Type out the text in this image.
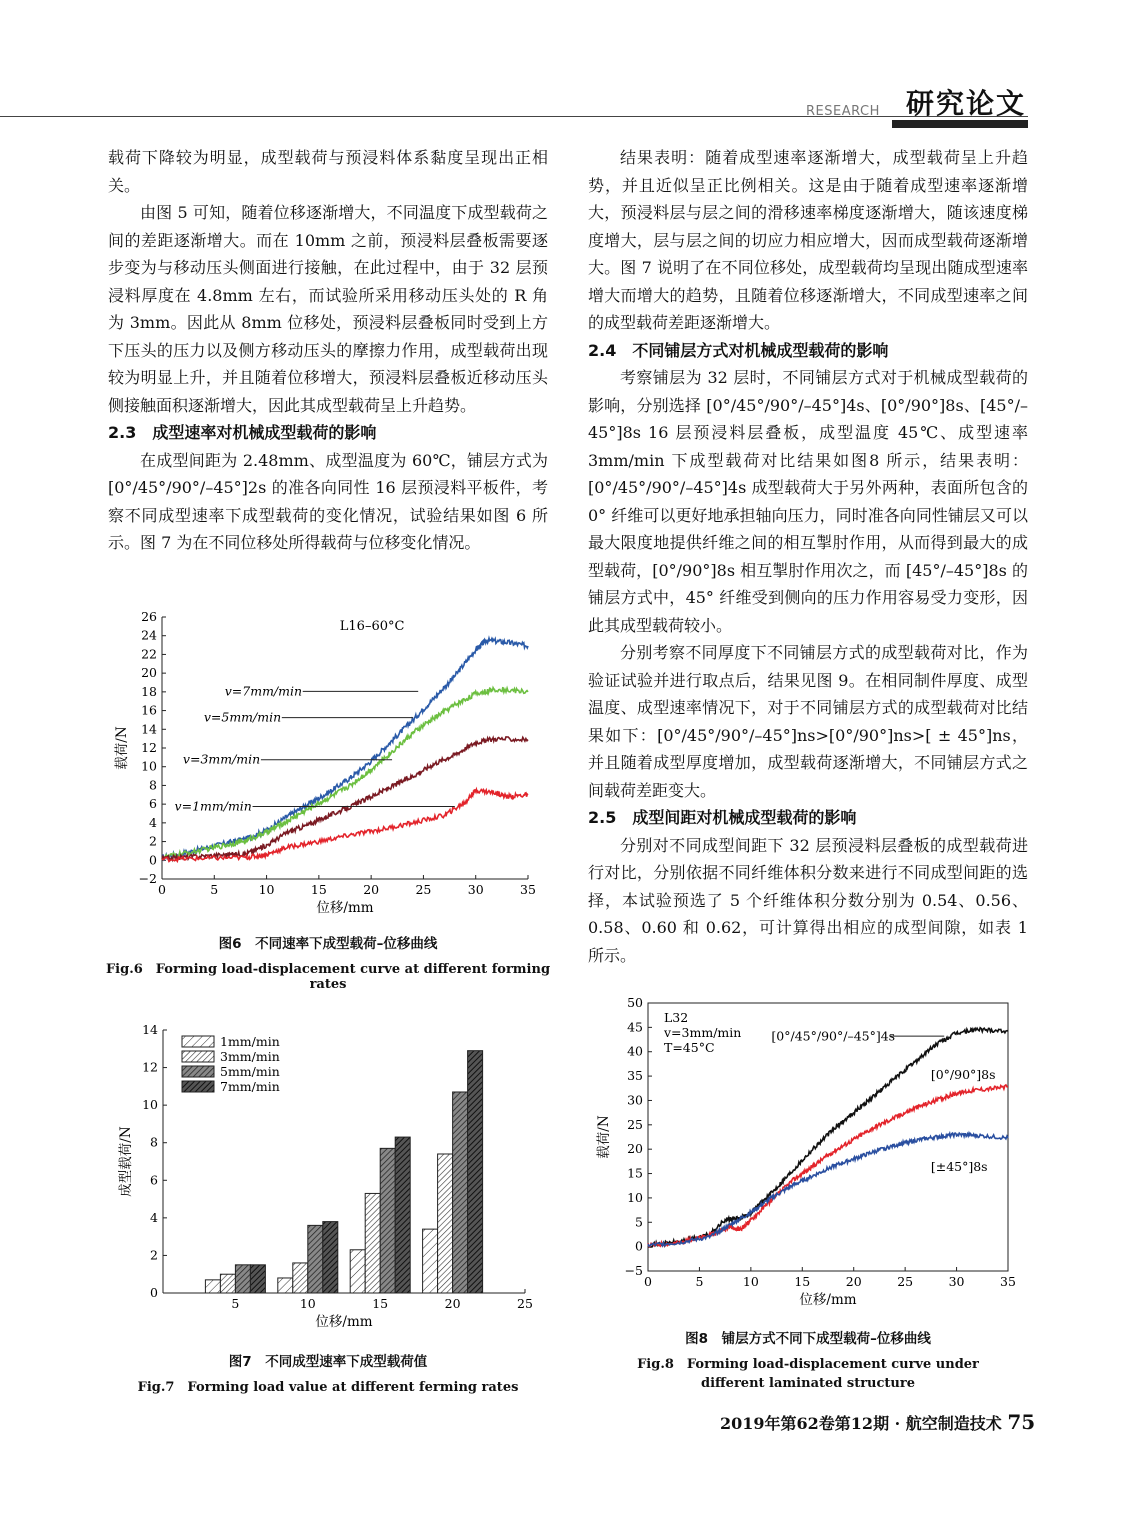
RESEARCH 研究论文

载荷下降较为明显，成型载荷与预浸料体系黏度呈现出正相关。

由图 5 可知，随着位移逐渐增大，不同温度下成型载荷之间的差距逐渐增大。而在 10mm 之前，预浸料层叠板需要逐步变为与移动压头侧面进行接触，在此过程中，由于 32 层预浸料厚度在 4.8mm 左右，而试验所采用移动压头处的 R 角为 3mm。因此从 8mm 位移处，预浸料层叠板同时受到上方下压头的压力以及侧方移动压头的摩擦力作用，成型载荷出现较为明显上升，并且随着位移增大，预浸料层叠板近移动压头侧接触面积逐渐增大，因此其成型载荷呈上升趋势。

2.3　成型速率对机械成型载荷的影响

在成型间距为 2.48mm、成型温度为 60℃，铺层方式为 [0°/45°/90°/–45°]2s 的准各向同性 16 层预浸料平板件，考察不同成型速率下成型载荷的变化情况，试验结果如图 6 所示。图 7 为在不同位移处所得载荷与位移变化情况。

结果表明：随着成型速率逐渐增大，成型载荷呈上升趋势，并且近似呈正比例相关。这是由于随着成型速率逐渐增大，预浸料层与层之间的滑移速率梯度逐渐增大，随该速度梯度增大，层与层之间的切应力相应增大，因而成型载荷逐渐增大。图 7 说明了在不同位移处，成型载荷均呈现出随成型速率增大而增大的趋势，且随着位移逐渐增大，不同成型速率之间的成型载荷差距逐渐增大。

2.4　不同铺层方式对机械成型载荷的影响

考察铺层为 32 层时，不同铺层方式对于机械成型载荷的影响，分别选择 [0°/45°/90°/–45°]4s、[0°/90°]8s、[45°/–45°]8s 16 层预浸料层叠板，成型温度 45℃、成型速率3mm/min 下成型载荷对比结果如图8 所示，结果表明：[0°/45°/90°/–45°]4s 成型载荷大于另外两种，表面所包含的 0° 纤维可以更好地承担轴向压力，同时准各向同性铺层又可以最大限度地提供纤维之间的相互掣肘作用，从而得到最大的成型载荷，[0°/90°]8s 相互掣肘作用次之，而 [45°/–45°]8s 的铺层方式中，45° 纤维受到侧向的压力作用容易受力变形，因此其成型载荷较小。

分别考察不同厚度下不同铺层方式的成型载荷对比，作为验证试验并进行取点后，结果见图 9。在相同制件厚度、成型温度、成型速率情况下，对于不同铺层方式的成型载荷对比结果如下：[0°/45°/90°/–45°]ns>[0°/90°]ns>[ ± 45°]ns，并且随着成型厚度增加，成型载荷逐渐增大，不同铺层方式之间载荷差距变大。

2.5　成型间距对机械成型载荷的影响

分别对不同成型间距下 32 层预浸料层叠板的成型载荷进行对比，分别依据不同纤维体积分数来进行不同成型间距的选择，本试验预选了 5 个纤维体积分数分别为 0.54、0.56、0.58、0.60 和 0.62，可计算得出相应的成型间隙，如表 1 所示。

0	5	10	15	20	25	30	35
−2
0
2
4
6
8
10
12
14
16
18
20
22
24
26
位移/mm
载荷/N
L16–60°C
v=7mm/min
v=5mm/min
v=3mm/min
v=1mm/min
图6　不同速率下成型载荷–位移曲线
Fig.6　Forming load-displacement curve at different forming rates
5	10	15	20	25
0
2
4
6
8
10
12
14
位移/mm
成型载荷/N
1mm/min
3mm/min
5mm/min
7mm/min
图7　不同成型速率下成型载荷值
Fig.7　Forming load value at different ferming rates
0	5	10	15	20	25	30	35
−5
0
5
10
15
20
25
30
35
40
45
50
位移/mm
载荷/N
L32
v=3mm/min
T=45°C
[0°/45°/90°/–45°]4s
[0°/90°]8s
[±45°]8s
图8　铺层方式不同下成型载荷–位移曲线
Fig.8　Forming load-displacement curve under
different laminated structure
2019年第62卷第12期 · 航空制造技术 75
